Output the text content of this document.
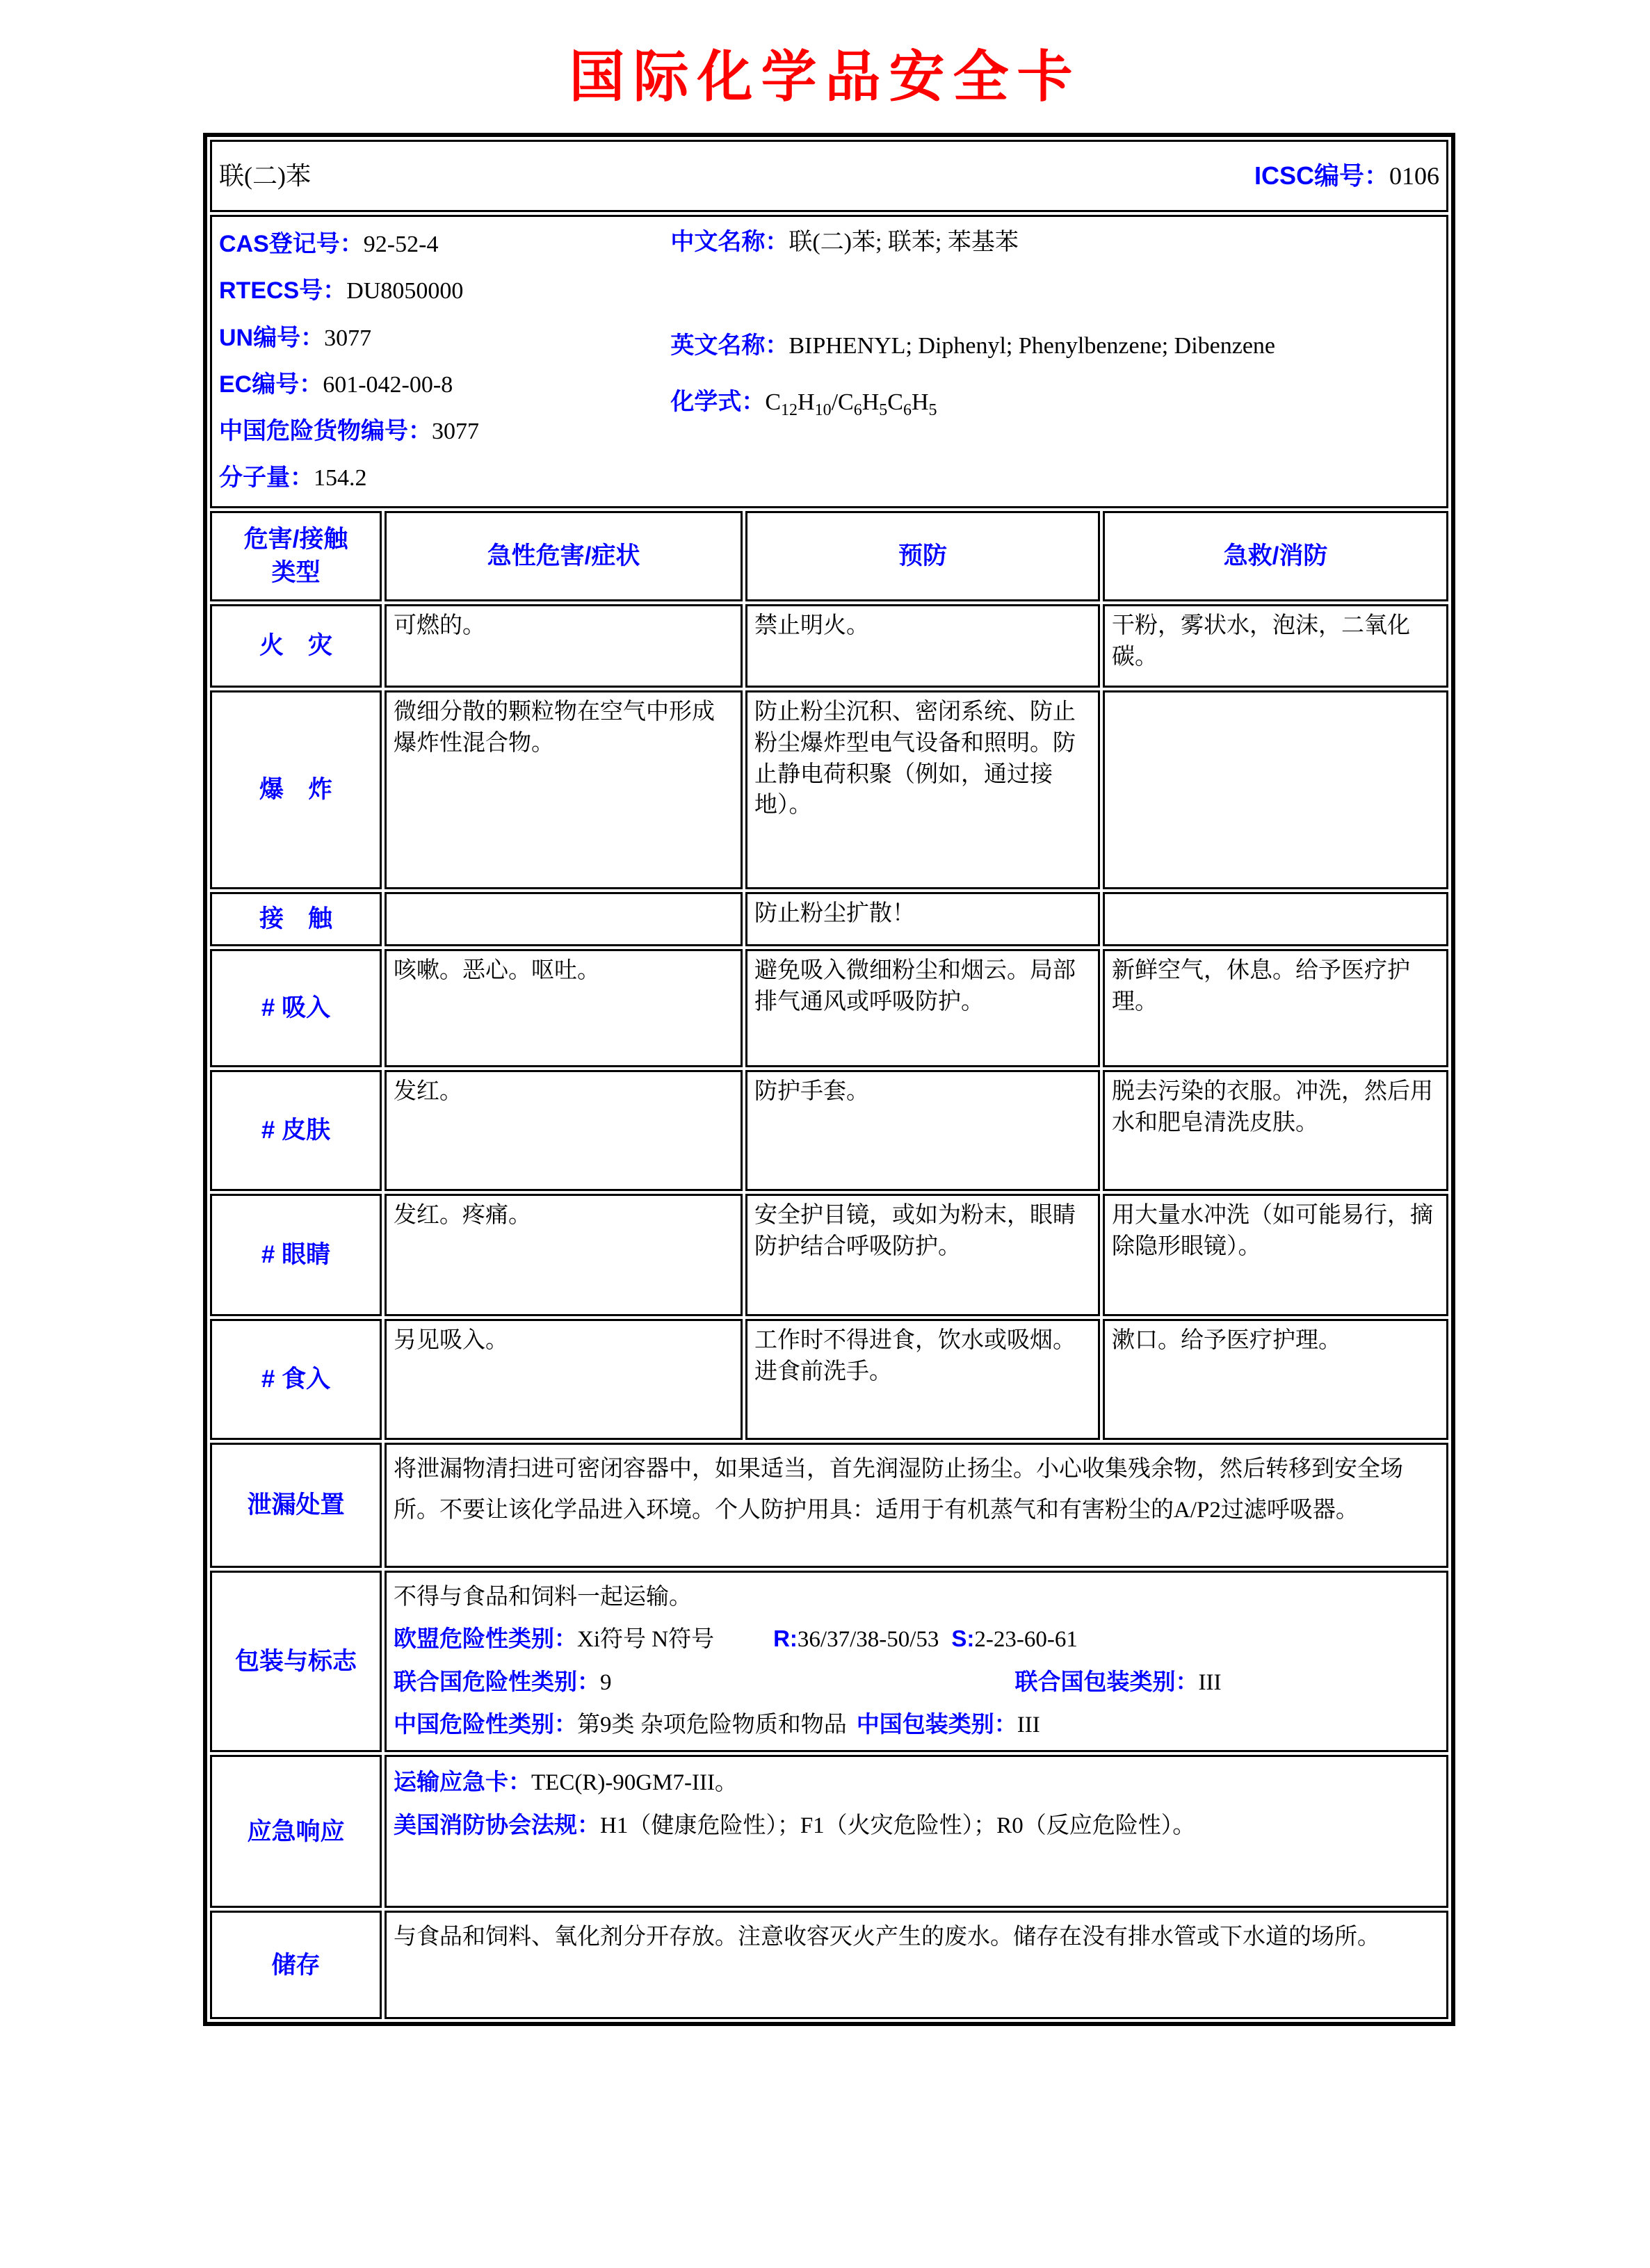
国际化学品安全卡
联(二)苯 ICSC编号：0106			

CAS登记号：92-52-4
RTECS号：DU8050000
UN编号：3077
EC编号：601-042-00-8
中国危险货物编号：3077
分子量：154.2
中文名称：联(二)苯; 联苯; 苯基苯
英文名称：BIPHENYL; Diphenyl; Phenylbenzene; Dibenzene
化学式：$C_{12}H_{10}/C_6H_5C_6H_5$

危害/接触
类型	急性危害/症状	预防	急救/消防
火　灾	可燃的。	禁止明火。	干粉，雾状水，泡沫，二氧化碳。
爆　炸	微细分散的颗粒物在空气中形成爆炸性混合物。	防止粉尘沉积、密闭系统、防止粉尘爆炸型电气设备和照明。防止静电荷积聚（例如，通过接地）。	
接　触		防止粉尘扩散！	
# 吸入	咳嗽。恶心。呕吐。	避免吸入微细粉尘和烟云。局部排气通风或呼吸防护。	新鲜空气，休息。给予医疗护理。
# 皮肤	发红。	防护手套。	脱去污染的衣服。冲洗，然后用水和肥皂清洗皮肤。
# 眼睛	发红。疼痛。	安全护目镜，或如为粉末，眼睛防护结合呼吸防护。	用大量水冲洗（如可能易行，摘除隐形眼镜）。
# 食入	另见吸入。	工作时不得进食，饮水或吸烟。进食前洗手。	漱口。给予医疗护理。
泄漏处置	将泄漏物清扫进可密闭容器中，如果适当，首先润湿防止扬尘。小心收集残余物，然后转移到安全场所。不要让该化学品进入环境。个人防护用具：适用于有机蒸气和有害粉尘的A/P2过滤呼吸器。		
包装与标志	不得与食品和饲料一起运输。
欧盟危险性类别：Xi符号 N符号 R:36/37/38-50/53 S:2-23-60-61
联合国危险性类别：9 联合国包装类别：III
中国危险性类别：第9类 杂项危险物质和物品 中国包装类别：III		

应急响应	运输应急卡：TEC(R)-90GM7-III。
美国消防协会法规：H1（健康危险性）；F1（火灾危险性）；R0（反应危险性）。		

储存	与食品和饲料、氧化剂分开存放。注意收容灭火产生的废水。储存在没有排水管或下水道的场所。		
